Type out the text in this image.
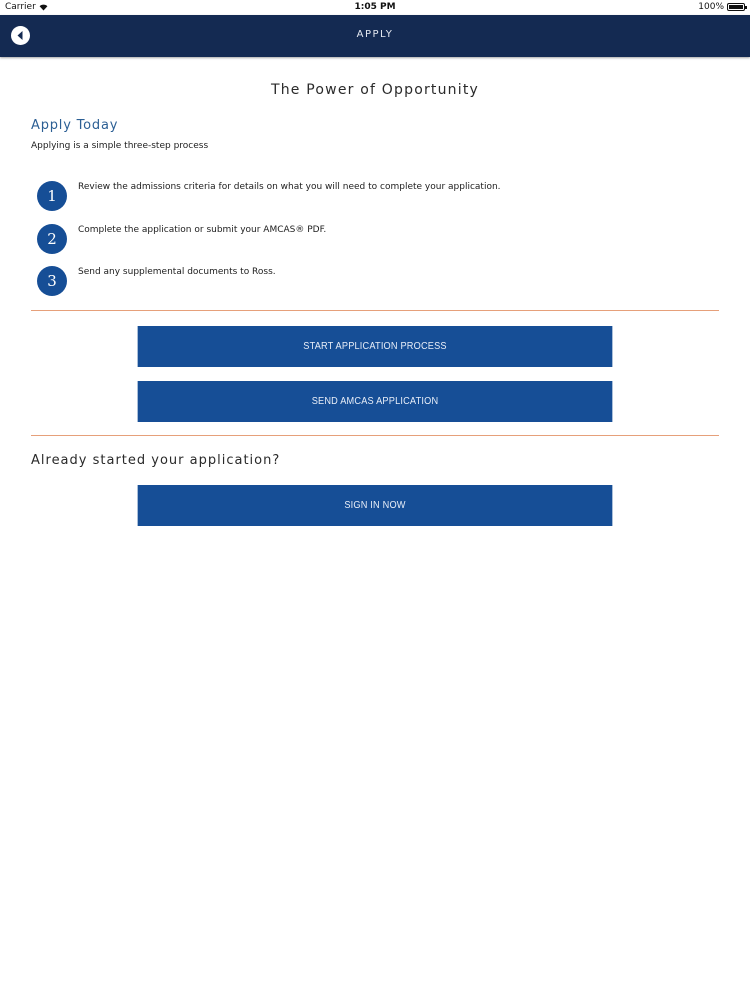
Carrier	1:05 PM	100%
APPLY
The Power of Opportunity
Apply Today
Applying is a simple three-step process
1	Review the admissions criteria for details on what you will need to complete your application.
2	Complete the application or submit your AMCAS® PDF.
3	Send any supplemental documents to Ross.
START APPLICATION PROCESS
SEND AMCAS APPLICATION
Already started your application?
SIGN IN NOW
